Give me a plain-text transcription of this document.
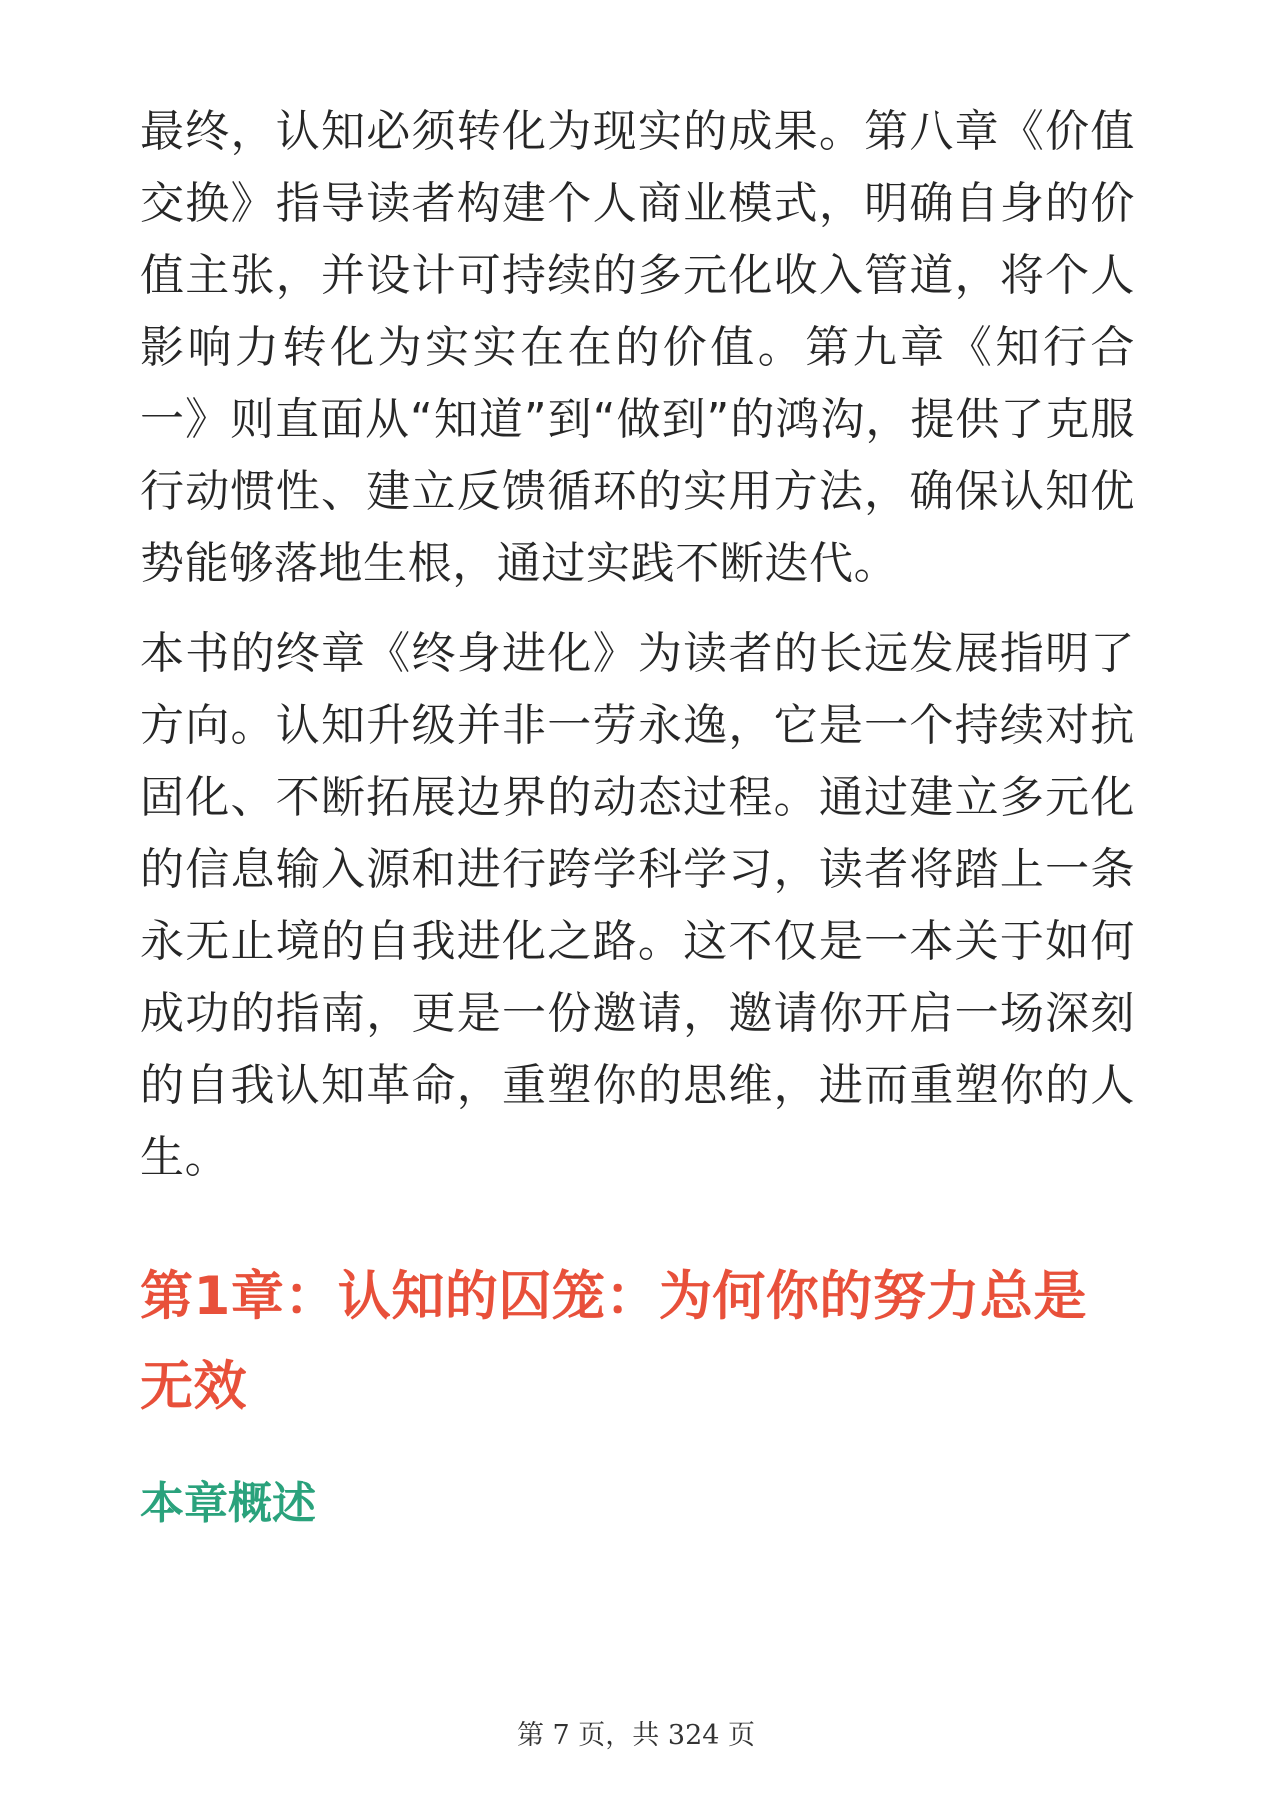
最终，认知必须转化为现实的成果。第八章《价值交换》指导读者构建个人商业模式，明确自身的价值主张，并设计可持续的多元化收入管道，将个人影响力转化为实实在在的价值。第九章《知行合一》则直面从“知道”到“做到”的鸿沟，提供了克服行动惯性、建立反馈循环的实用方法，确保认知优势能够落地生根，通过实践不断迭代。

本书的终章《终身进化》为读者的长远发展指明了方向。认知升级并非一劳永逸，它是一个持续对抗固化、不断拓展边界的动态过程。通过建立多元化的信息输入源和进行跨学科学习，读者将踏上一条永无止境的自我进化之路。这不仅是一本关于如何成功的指南，更是一份邀请，邀请你开启一场深刻的自我认知革命，重塑你的思维，进而重塑你的人生。

第1章：认知的囚笼：为何你的努力总是无效
本章概述
第 7 页，共 324 页
